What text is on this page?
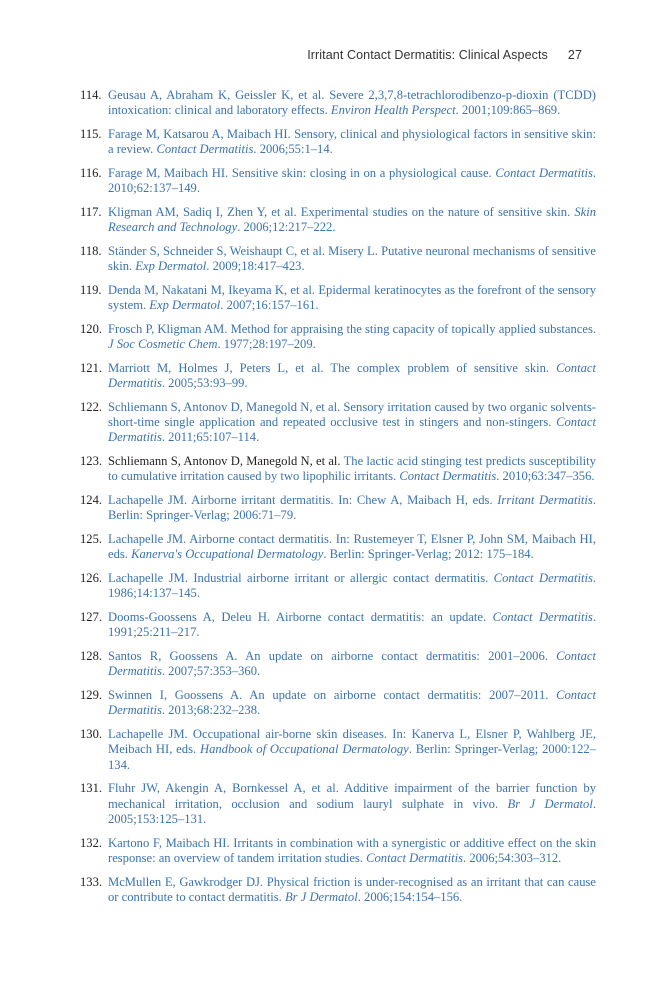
Irritant Contact Dermatitis: Clinical Aspects 27
114. Geusau A, Abraham K, Geissler K, et al. Severe 2,3,7,8-tetrachlorodibenzo-p-dioxin (TCDD) intoxication: clinical and laboratory effects. Environ Health Perspect. 2001;109:865–869.
115. Farage M, Katsarou A, Maibach HI. Sensory, clinical and physiological factors in sensitive skin: a review. Contact Dermatitis. 2006;55:1–14.
116. Farage M, Maibach HI. Sensitive skin: closing in on a physiological cause. Contact Dermatitis. 2010;62:137–149.
117. Kligman AM, Sadiq I, Zhen Y, et al. Experimental studies on the nature of sensitive skin. Skin Research and Technology. 2006;12:217–222.
118. Ständer S, Schneider S, Weishaupt C, et al. Misery L. Putative neuronal mechanisms of sensitive skin. Exp Dermatol. 2009;18:417–423.
119. Denda M, Nakatani M, Ikeyama K, et al. Epidermal keratinocytes as the forefront of the sensory system. Exp Dermatol. 2007;16:157–161.
120. Frosch P, Kligman AM. Method for appraising the sting capacity of topically applied substances. J Soc Cosmetic Chem. 1977;28:197–209.
121. Marriott M, Holmes J, Peters L, et al. The complex problem of sensitive skin. Contact Dermatitis. 2005;53:93–99.
122. Schliemann S, Antonov D, Manegold N, et al. Sensory irritation caused by two organic solvents-short-time single application and repeated occlusive test in stingers and non-stingers. Contact Dermatitis. 2011;65:107–114.
123. Schliemann S, Antonov D, Manegold N, et al. The lactic acid stinging test predicts susceptibility to cumulative irritation caused by two lipophilic irritants. Contact Dermatitis. 2010;63:347–356.
124. Lachapelle JM. Airborne irritant dermatitis. In: Chew A, Maibach H, eds. Irritant Dermatitis. Berlin: Springer-Verlag; 2006:71–79.
125. Lachapelle JM. Airborne contact dermatitis. In: Rustemeyer T, Elsner P, John SM, Maibach HI, eds. Kanerva's Occupational Dermatology. Berlin: Springer-Verlag; 2012: 175–184.
126. Lachapelle JM. Industrial airborne irritant or allergic contact dermatitis. Contact Dermatitis. 1986;14:137–145.
127. Dooms-Goossens A, Deleu H. Airborne contact dermatitis: an update. Contact Dermatitis. 1991;25:211–217.
128. Santos R, Goossens A. An update on airborne contact dermatitis: 2001–2006. Contact Dermatitis. 2007;57:353–360.
129. Swinnen I, Goossens A. An update on airborne contact dermatitis: 2007–2011. Contact Dermatitis. 2013;68:232–238.
130. Lachapelle JM. Occupational air-borne skin diseases. In: Kanerva L, Elsner P, Wahlberg JE, Meibach HI, eds. Handbook of Occupational Dermatology. Berlin: Springer-Verlag; 2000:122–134.
131. Fluhr JW, Akengin A, Bornkessel A, et al. Additive impairment of the barrier function by mechanical irritation, occlusion and sodium lauryl sulphate in vivo. Br J Dermatol. 2005;153:125–131.
132. Kartono F, Maibach HI. Irritants in combination with a synergistic or additive effect on the skin response: an overview of tandem irritation studies. Contact Dermatitis. 2006;54:303–312.
133. McMullen E, Gawkrodger DJ. Physical friction is under-recognised as an irritant that can cause or contribute to contact dermatitis. Br J Dermatol. 2006;154:154–156.
